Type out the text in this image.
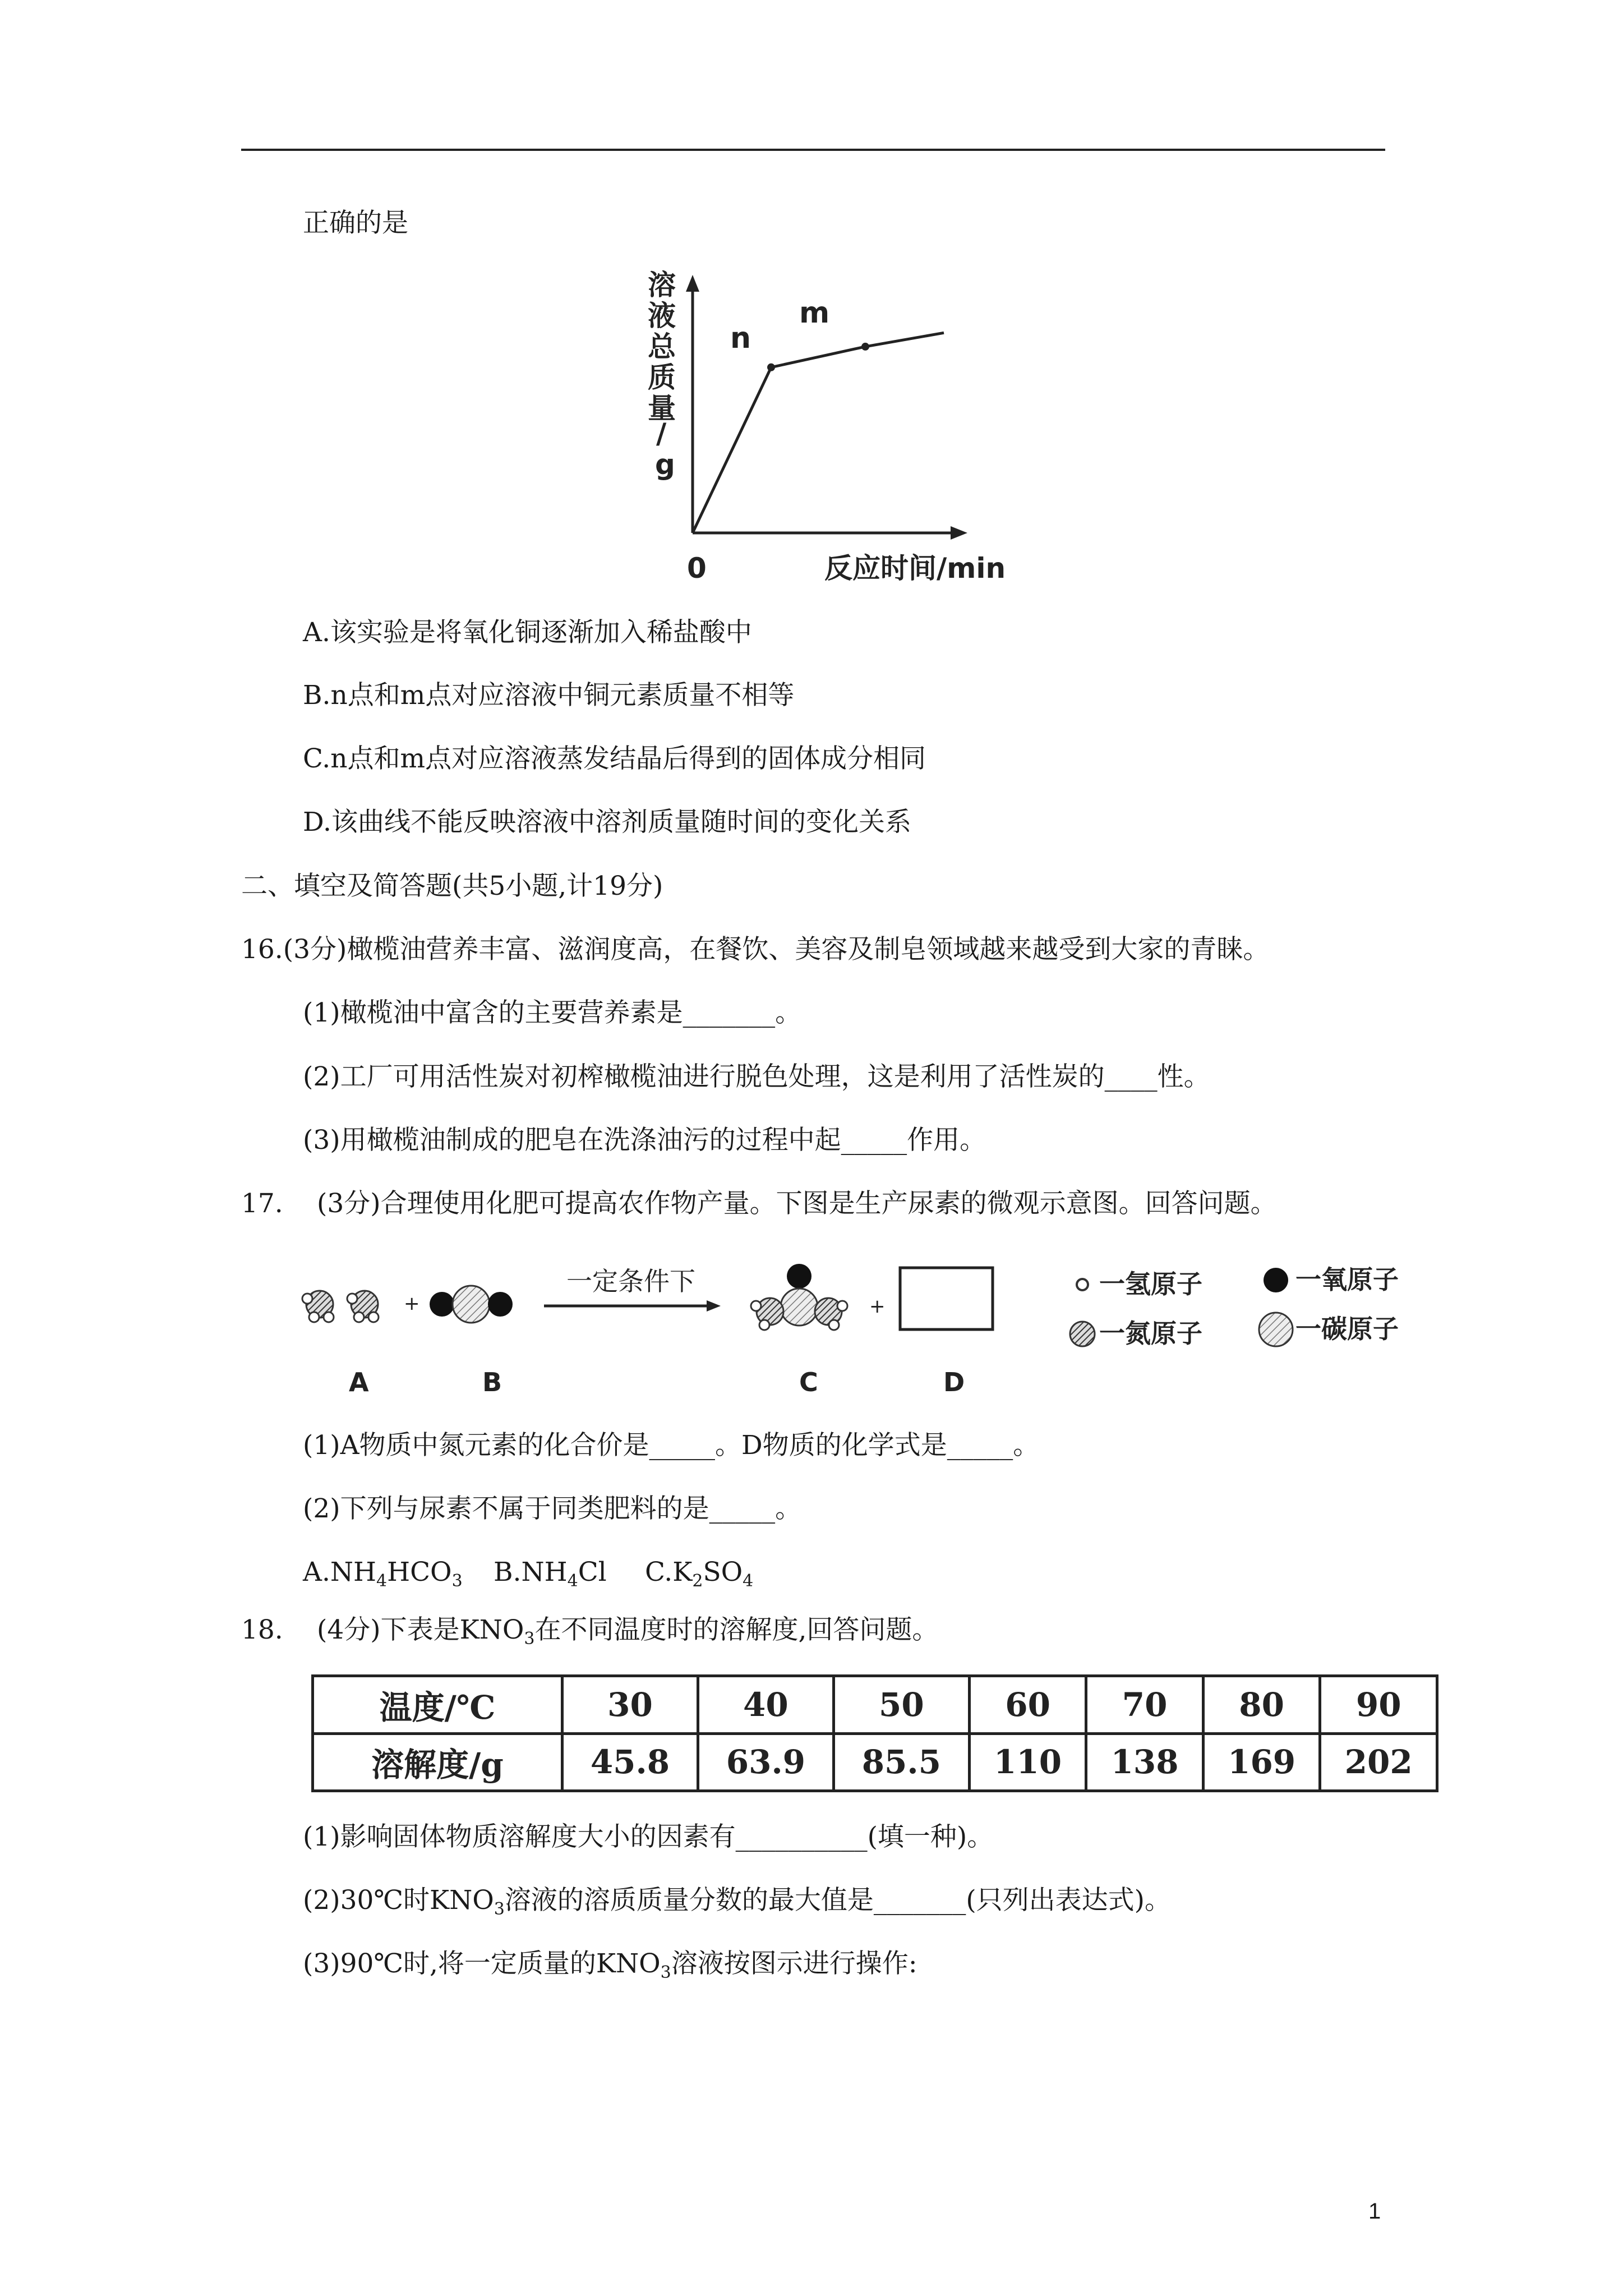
正确的是
溶
液
总
质
量
/
g
n
m
0	反应时间/min
A.该实验是将氧化铜逐渐加入稀盐酸中
B.n点和m点对应溶液中铜元素质量不相等
C.n点和m点对应溶液蒸发结晶后得到的固体成分相同
D.该曲线不能反映溶液中溶剂质量随时间的变化关系
二、填空及简答题(共5小题,计19分)
16.(3分)橄榄油营养丰富、滋润度高，在餐饮、美容及制皂领域越来越受到大家的青睐。
(1)橄榄油中富含的主要营养素是_______。
(2)工厂可用活性炭对初榨橄榄油进行脱色处理，这是利用了活性炭的____性。
(3)用橄榄油制成的肥皂在洗涤油污的过程中起_____作用。
17. (3分)合理使用化肥可提高农作物产量。下图是生产尿素的微观示意图。回答问题。
+
一定条件下
+
A	B	C	D
一氢原子	一氧原子
一氮原子	一碳原子
(1)A物质中氮元素的化合价是_____。D物质的化学式是_____。
(2)下列与尿素不属于同类肥料的是_____。
$A.NH_4HCO_3$ $B.NH_4Cl$ $C.K_2SO_4$
18. (4分)下表是$KNO_3$在不同温度时的溶解度,回答问题。
温度/℃	30	40	50	60	70	80	90
溶解度/g	45.8	63.9	85.5	110	138	169	202
(1)影响固体物质溶解度大小的因素有__________(填一种)。
(2)30℃时$KNO_3$溶液的溶质质量分数的最大值是_______(只列出表达式)。
(3)90℃时,将一定质量的$KNO_3$溶液按图示进行操作:
1
